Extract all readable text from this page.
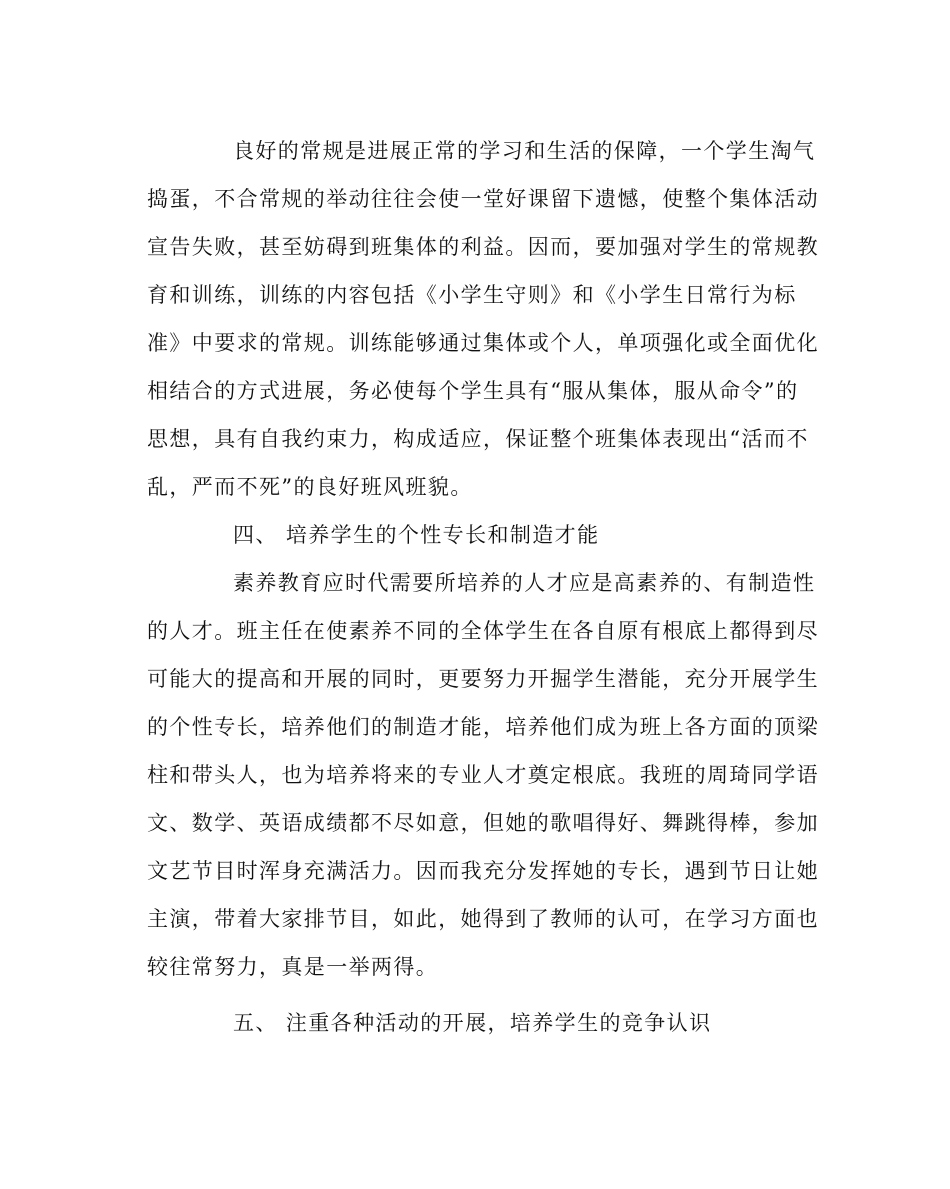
良好的常规是进展正常的学习和生活的保障，一个学生淘气
捣蛋，不合常规的举动往往会使一堂好课留下遗憾，使整个集体活动
宣告失败，甚至妨碍到班集体的利益。因而，要加强对学生的常规教
育和训练，训练的内容包括《小学生守则》和《小学生日常行为标
准》中要求的常规。训练能够通过集体或个人，单项强化或全面优化
相结合的方式进展，务必使每个学生具有“服从集体，服从命令”的
思想，具有自我约束力，构成适应，保证整个班集体表现出“活而不
乱，严而不死”的良好班风班貌。
四、 培养学生的个性专长和制造才能
素养教育应时代需要所培养的人才应是高素养的、有制造性
的人才。班主任在使素养不同的全体学生在各自原有根底上都得到尽
可能大的提高和开展的同时，更要努力开掘学生潜能，充分开展学生
的个性专长，培养他们的制造才能，培养他们成为班上各方面的顶梁
柱和带头人，也为培养将来的专业人才奠定根底。我班的周琦同学语
文、数学、英语成绩都不尽如意，但她的歌唱得好、舞跳得棒，参加
文艺节目时浑身充满活力。因而我充分发挥她的专长，遇到节日让她
主演，带着大家排节目，如此，她得到了教师的认可，在学习方面也
较往常努力，真是一举两得。
五、 注重各种活动的开展，培养学生的竞争认识
